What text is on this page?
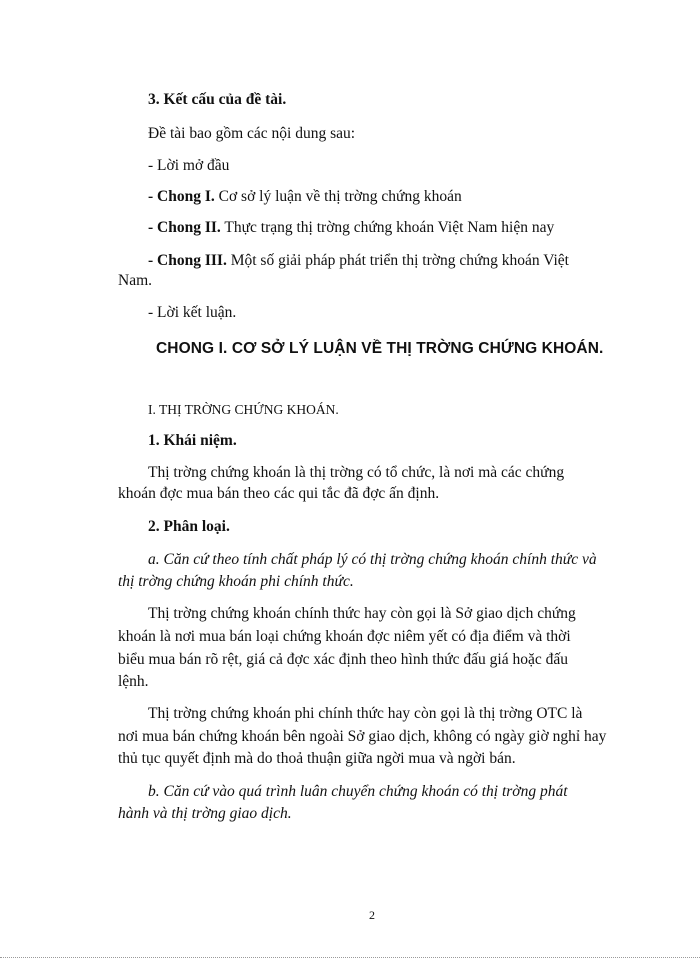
3. Kết cấu của đề tài.

Đề tài bao gồm các nội dung sau:

- Lời mở đầu

- Chong I. Cơ sở lý luận về thị trờng chứng khoán

- Chong II. Thực trạng thị trờng chứng khoán Việt Nam hiện nay

- Chong III. Một số giải pháp phát triển thị trờng chứng khoán Việt

Nam.

- Lời kết luận.

CHONG I. CƠ SỞ LÝ LUẬN VỀ THỊ TRỜNG CHỨNG KHOÁN.

I. THỊ TRỜNG CHỨNG KHOÁN.

1. Khái niệm.

Thị trờng chứng khoán là thị trờng có tổ chức, là nơi mà các chứng

khoán đợc mua bán theo các qui tắc đã đợc ấn định.

2. Phân loại.

a. Căn cứ theo tính chất pháp lý có thị trờng chứng khoán chính thức và

thị trờng chứng khoán phi chính thức.

Thị trờng chứng khoán chính thức hay còn gọi là Sở giao dịch chứng

khoán là nơi mua bán loại chứng khoán đợc niêm yết có địa điểm và thời

biểu mua bán rõ rệt, giá cả đợc xác định theo hình thức đấu giá hoặc đấu

lệnh.

Thị trờng chứng khoán phi chính thức hay còn gọi là thị trờng OTC là

nơi mua bán chứng khoán bên ngoài Sở giao dịch, không có ngày giờ nghỉ hay

thủ tục quyết định mà do thoả thuận giữa ngời mua và ngời bán.

b. Căn cứ vào quá trình luân chuyển chứng khoán có thị trờng phát

hành và thị trờng giao dịch.

2
